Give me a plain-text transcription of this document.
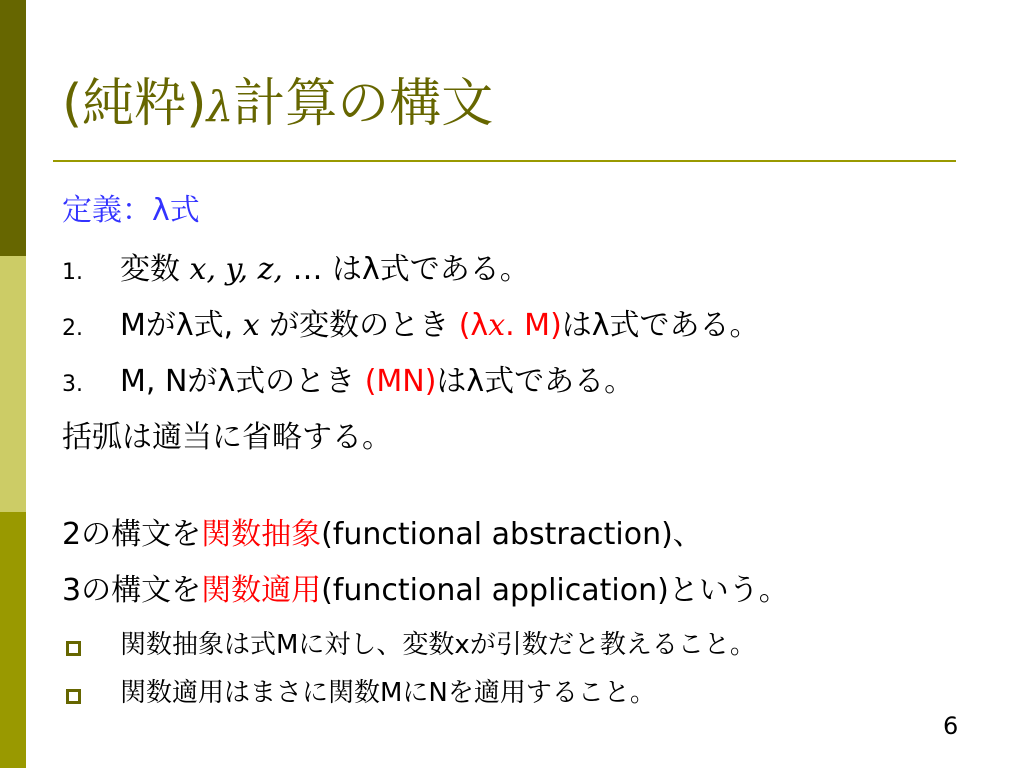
(純粋)λ計算の構文
定義：λ式
1. 変数 x, y, z, … はλ式である。
2. Mがλ式, x が変数のとき (λx. M)はλ式である。
3. M, Nがλ式のとき (MN)はλ式である。
括弧は適当に省略する。
2の構文を関数抽象(functional abstraction)、
3の構文を関数適用(functional application)という。
関数抽象は式Mに対し、変数xが引数だと教えること。
関数適用はまさに関数MにNを適用すること。
6
